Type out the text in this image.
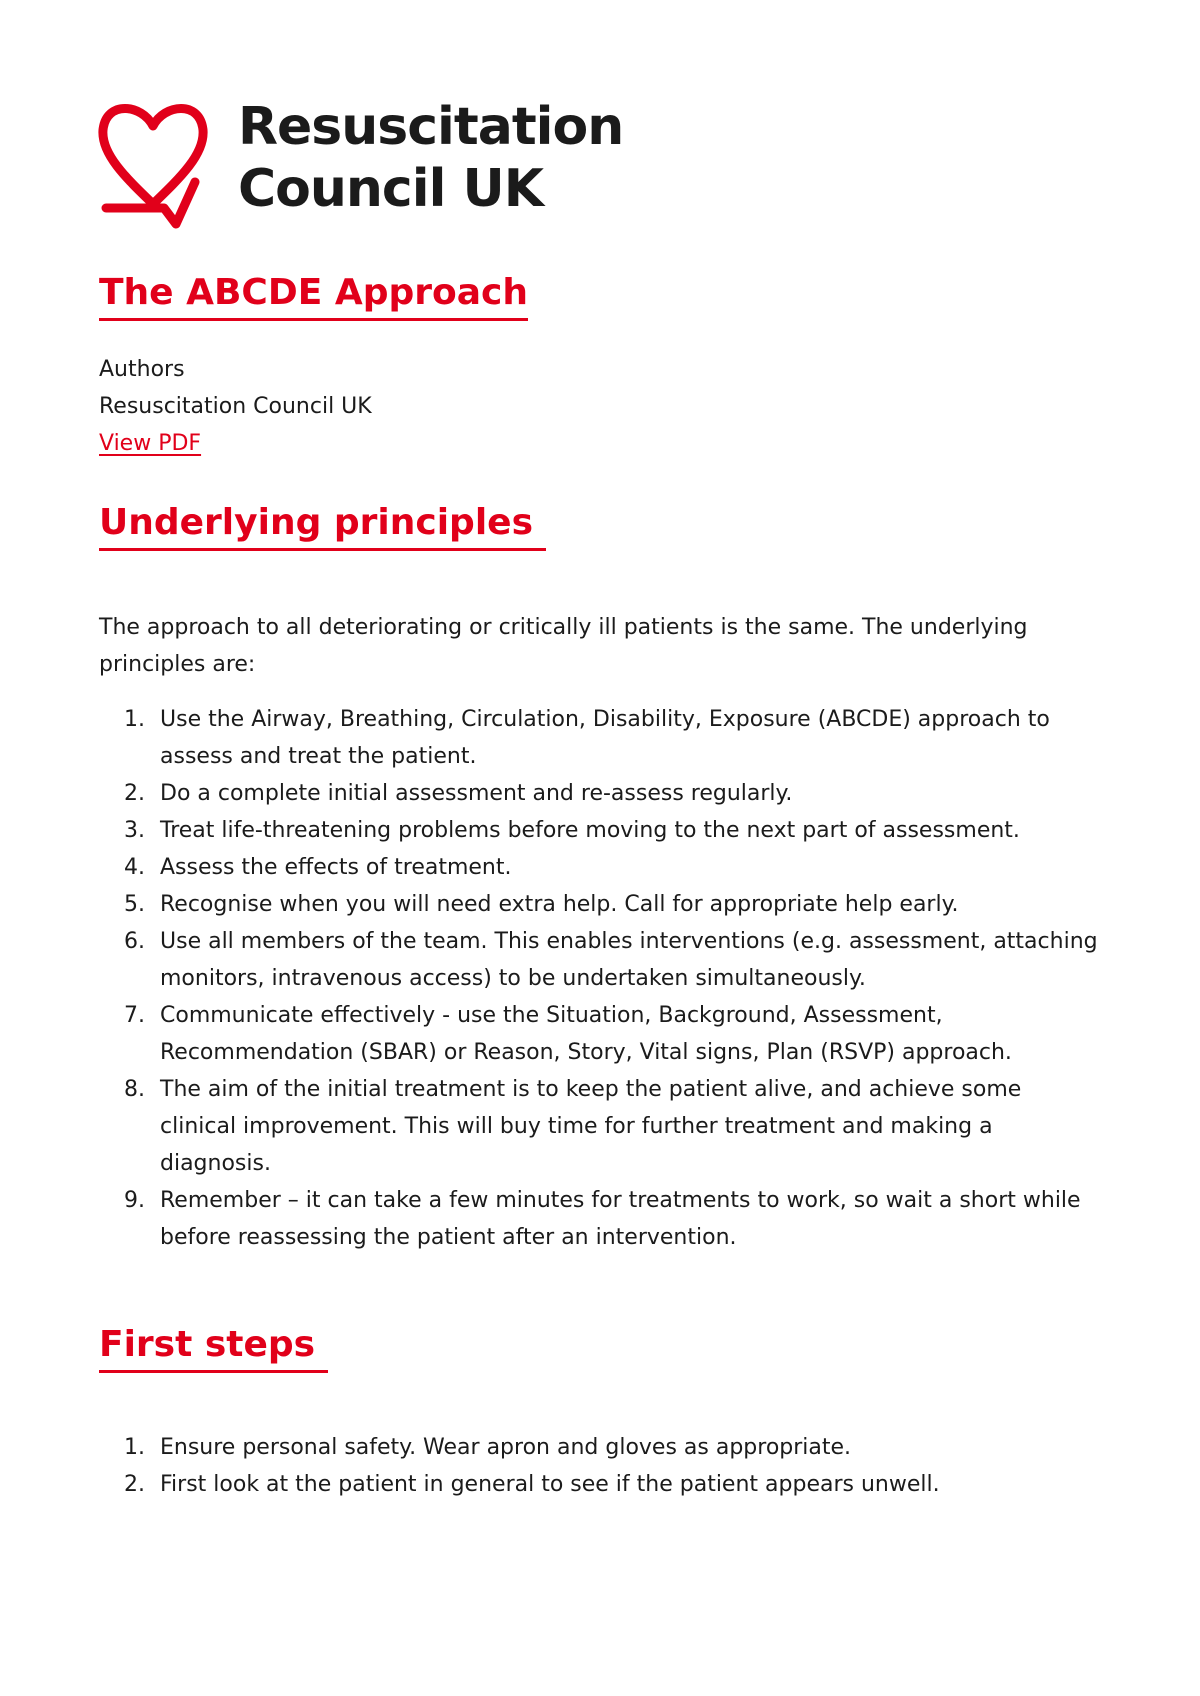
Resuscitation
Council UK
The ABCDE Approach
Authors
Resuscitation Council UK
View PDF
Underlying principles

The approach to all deteriorating or critically ill patients is the same. The underlying principles are:

1. Use the Airway, Breathing, Circulation, Disability, Exposure (ABCDE) approach to assess and treat the patient.
2. Do a complete initial assessment and re-assess regularly.
3. Treat life-threatening problems before moving to the next part of assessment.
4. Assess the effects of treatment.
5. Recognise when you will need extra help. Call for appropriate help early.
6. Use all members of the team. This enables interventions (e.g. assessment, attaching monitors, intravenous access) to be undertaken simultaneously.
7. Communicate effectively - use the Situation, Background, Assessment, Recommendation (SBAR) or Reason, Story, Vital signs, Plan (RSVP) approach.
8. The aim of the initial treatment is to keep the patient alive, and achieve some clinical improvement. This will buy time for further treatment and making a diagnosis.
9. Remember – it can take a few minutes for treatments to work, so wait a short while before reassessing the patient after an intervention.
First steps
1. Ensure personal safety. Wear apron and gloves as appropriate.
2. First look at the patient in general to see if the patient appears unwell.
